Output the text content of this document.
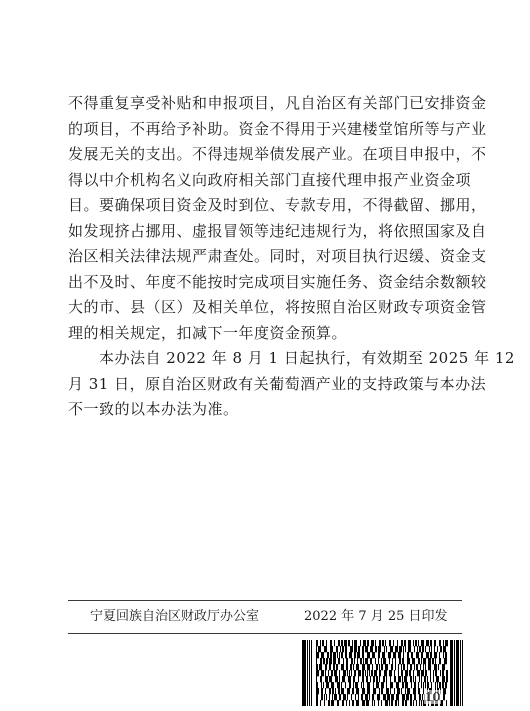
不得重复享受补贴和申报项目，凡自治区有关部门已安排资金
的项目，不再给予补助。资金不得用于兴建楼堂馆所等与产业
发展无关的支出。不得违规举债发展产业。在项目申报中，不
得以中介机构名义向政府相关部门直接代理申报产业资金项
目。要确保项目资金及时到位、专款专用，不得截留、挪用，
如发现挤占挪用、虚报冒领等违纪违规行为，将依照国家及自
治区相关法律法规严肃查处。同时，对项目执行迟缓、资金支
出不及时、年度不能按时完成项目实施任务、资金结余数额较
大的市、县（区）及相关单位，将按照自治区财政专项资金管
理的相关规定，扣减下一年度资金预算。
　　本办法自 2022 年 8 月 1 日起执行，有效期至 2025 年 12
月 31 日，原自治区财政有关葡萄酒产业的支持政策与本办法
不一致的以本办法为准。
宁夏回族自治区财政厅办公室	2022 年 7 月 25 日印发
10
